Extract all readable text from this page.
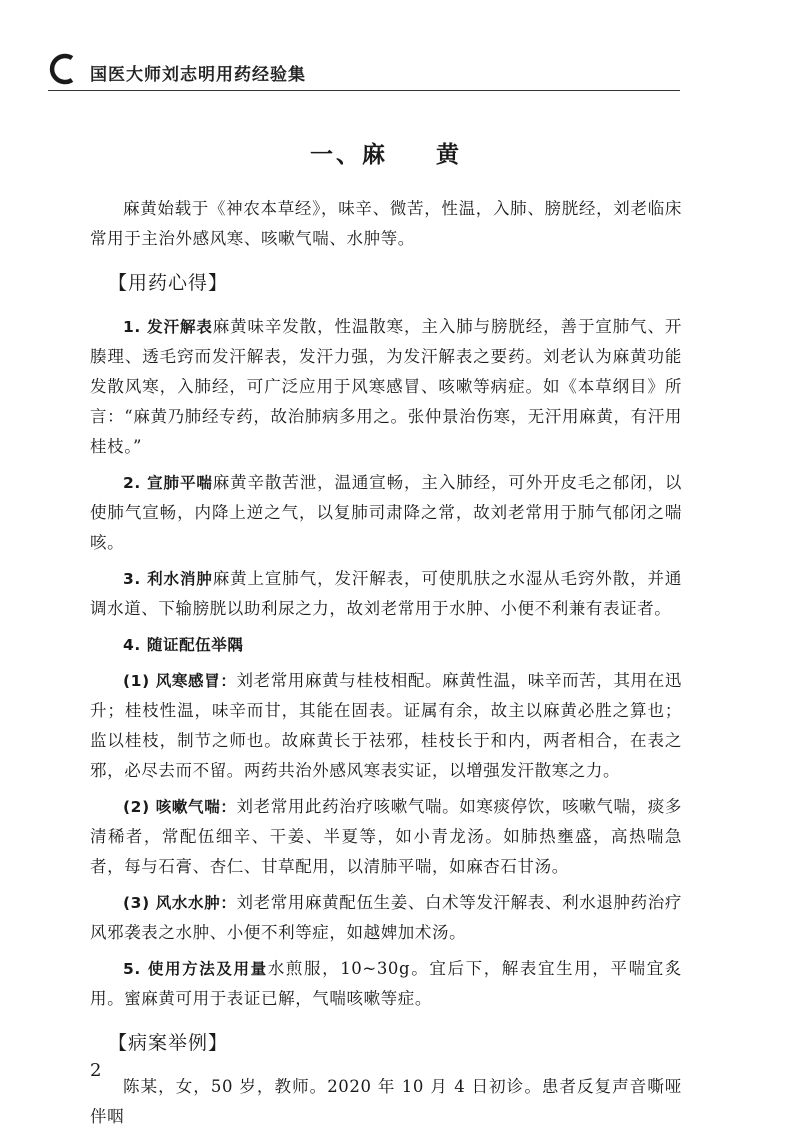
国医大师刘志明用药经验集
一、麻 黄

麻黄始载于《神农本草经》，味辛、微苦，性温，入肺、膀胱经，刘老临床常用于主治外感风寒、咳嗽气喘、水肿等。

【用药心得】

1. 发汗解表麻黄味辛发散，性温散寒，主入肺与膀胱经，善于宣肺气、开腠理、透毛窍而发汗解表，发汗力强，为发汗解表之要药。刘老认为麻黄功能发散风寒，入肺经，可广泛应用于风寒感冒、咳嗽等病症。如《本草纲目》所言：“麻黄乃肺经专药，故治肺病多用之。张仲景治伤寒，无汗用麻黄，有汗用桂枝。”

2. 宣肺平喘麻黄辛散苦泄，温通宣畅，主入肺经，可外开皮毛之郁闭，以使肺气宣畅，内降上逆之气，以复肺司肃降之常，故刘老常用于肺气郁闭之喘咳。

3. 利水消肿麻黄上宣肺气，发汗解表，可使肌肤之水湿从毛窍外散，并通调水道、下输膀胱以助利尿之力，故刘老常用于水肿、小便不利兼有表证者。

4. 随证配伍举隅

(1) 风寒感冒：刘老常用麻黄与桂枝相配。麻黄性温，味辛而苦，其用在迅升；桂枝性温，味辛而甘，其能在固表。证属有余，故主以麻黄必胜之算也；监以桂枝，制节之师也。故麻黄长于祛邪，桂枝长于和内，两者相合，在表之邪，必尽去而不留。两药共治外感风寒表实证，以增强发汗散寒之力。

(2) 咳嗽气喘：刘老常用此药治疗咳嗽气喘。如寒痰停饮，咳嗽气喘，痰多清稀者，常配伍细辛、干姜、半夏等，如小青龙汤。如肺热壅盛，高热喘急者，每与石膏、杏仁、甘草配用，以清肺平喘，如麻杏石甘汤。

(3) 风水水肿：刘老常用麻黄配伍生姜、白术等发汗解表、利水退肿药治疗风邪袭表之水肿、小便不利等症，如越婢加术汤。

5. 使用方法及用量水煎服，10~30g。宜后下，解表宜生用，平喘宜炙用。蜜麻黄可用于表证已解，气喘咳嗽等症。

【病案举例】

陈某，女，50 岁，教师。2020 年 10 月 4 日初诊。患者反复声音嘶哑伴咽

2
